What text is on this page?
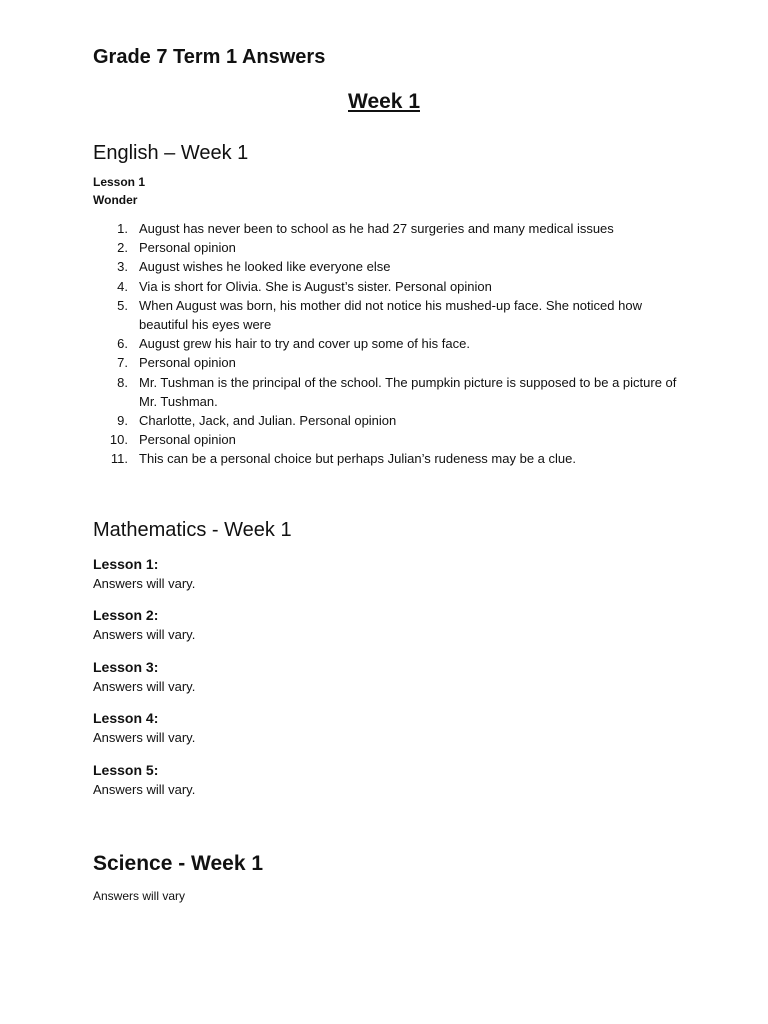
Grade 7 Term 1 Answers
Week 1
English – Week 1

Lesson 1

Wonder

1. August has never been to school as he had 27 surgeries and many medical issues
2. Personal opinion
3. August wishes he looked like everyone else
4. Via is short for Olivia. She is August’s sister. Personal opinion
5. When August was born, his mother did not notice his mushed-up face. She noticed how beautiful his eyes were
6. August grew his hair to try and cover up some of his face.
7. Personal opinion
8. Mr. Tushman is the principal of the school. The pumpkin picture is supposed to be a picture of Mr. Tushman.
9. Charlotte, Jack, and Julian. Personal opinion
10. Personal opinion
11. This can be a personal choice but perhaps Julian’s rudeness may be a clue.
Mathematics - Week 1
Lesson 1:
Answers will vary.
Lesson 2:
Answers will vary.
Lesson 3:
Answers will vary.
Lesson 4:
Answers will vary.
Lesson 5:
Answers will vary.
Science - Week 1

Answers will vary
